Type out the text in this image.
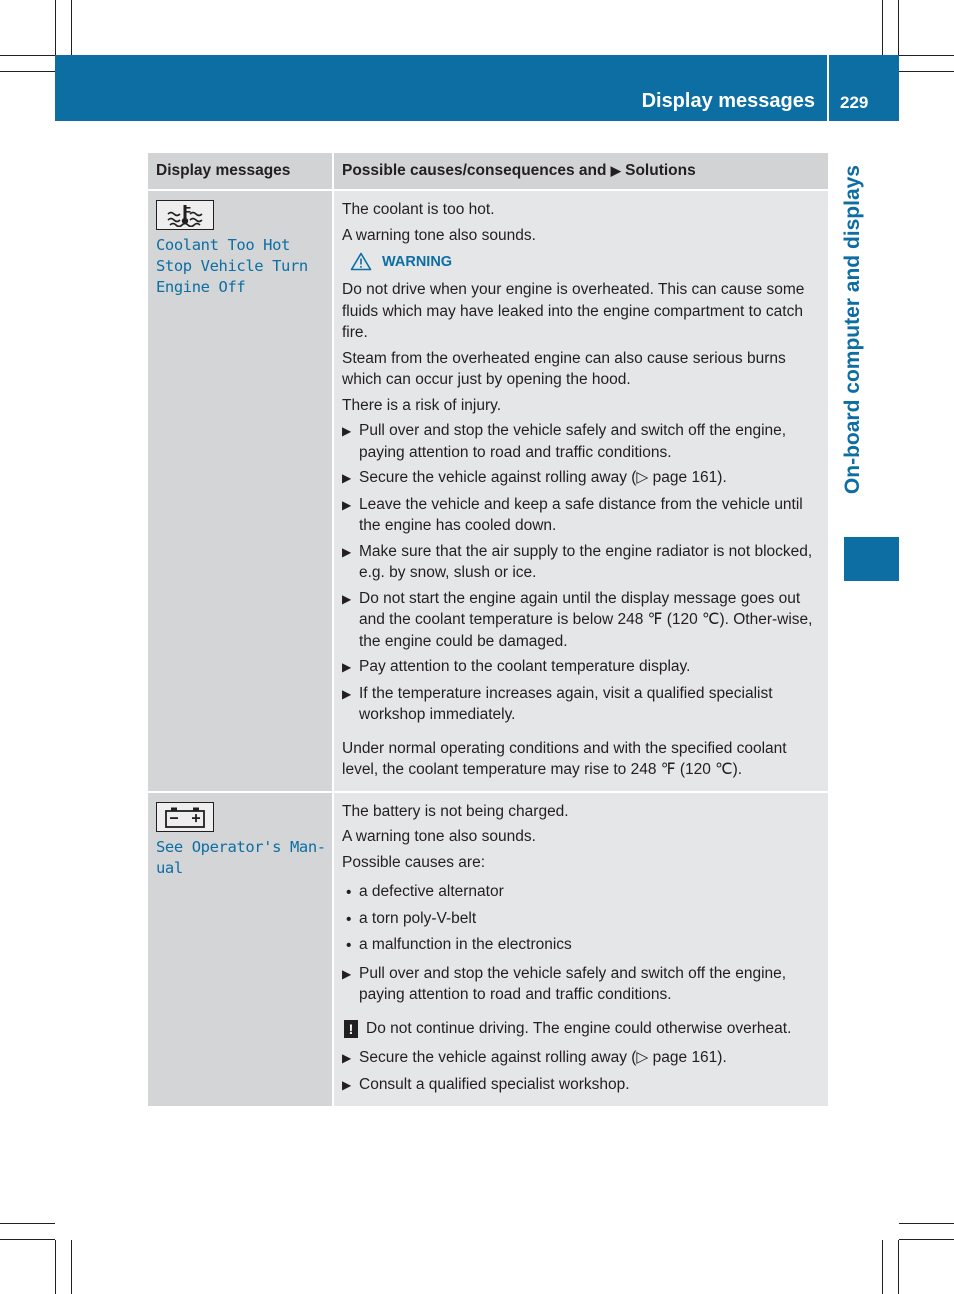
Display messages 229
On-board computer and displays
Display messages	Possible causes/consequences and ▶ Solutions
Coolant Too Hot
Stop Vehicle Turn
Engine Off

The coolant is too hot.

A warning tone also sounds.

WARNING

Do not drive when your engine is overheated. This can cause some fluids which may have leaked into the engine compartment to catch fire.

Steam from the overheated engine can also cause serious burns which can occur just by opening the hood.

There is a risk of injury.

▶ Pull over and stop the vehicle safely and switch off the engine, paying attention to road and traffic conditions.
▶ Secure the vehicle against rolling away (▷ page 161).
▶ Leave the vehicle and keep a safe distance from the vehicle until the engine has cooled down.
▶ Make sure that the air supply to the engine radiator is not blocked, e.g. by snow, slush or ice.
▶ Do not start the engine again until the display message goes out and the coolant temperature is below 248 ℉ (120 ℃). Other-wise, the engine could be damaged.
▶ Pay attention to the coolant temperature display.
▶ If the temperature increases again, visit a qualified specialist workshop immediately.

Under normal operating conditions and with the specified coolant level, the coolant temperature may rise to 248 ℉ (120 ℃).

See Operator's Man-
ual

The battery is not being charged.

A warning tone also sounds.

Possible causes are:

• a defective alternator
• a torn poly-V-belt
• a malfunction in the electronics
▶ Pull over and stop the vehicle safely and switch off the engine, paying attention to road and traffic conditions.
! Do not continue driving. The engine could otherwise overheat.
▶ Secure the vehicle against rolling away (▷ page 161).
▶ Consult a qualified specialist workshop.
